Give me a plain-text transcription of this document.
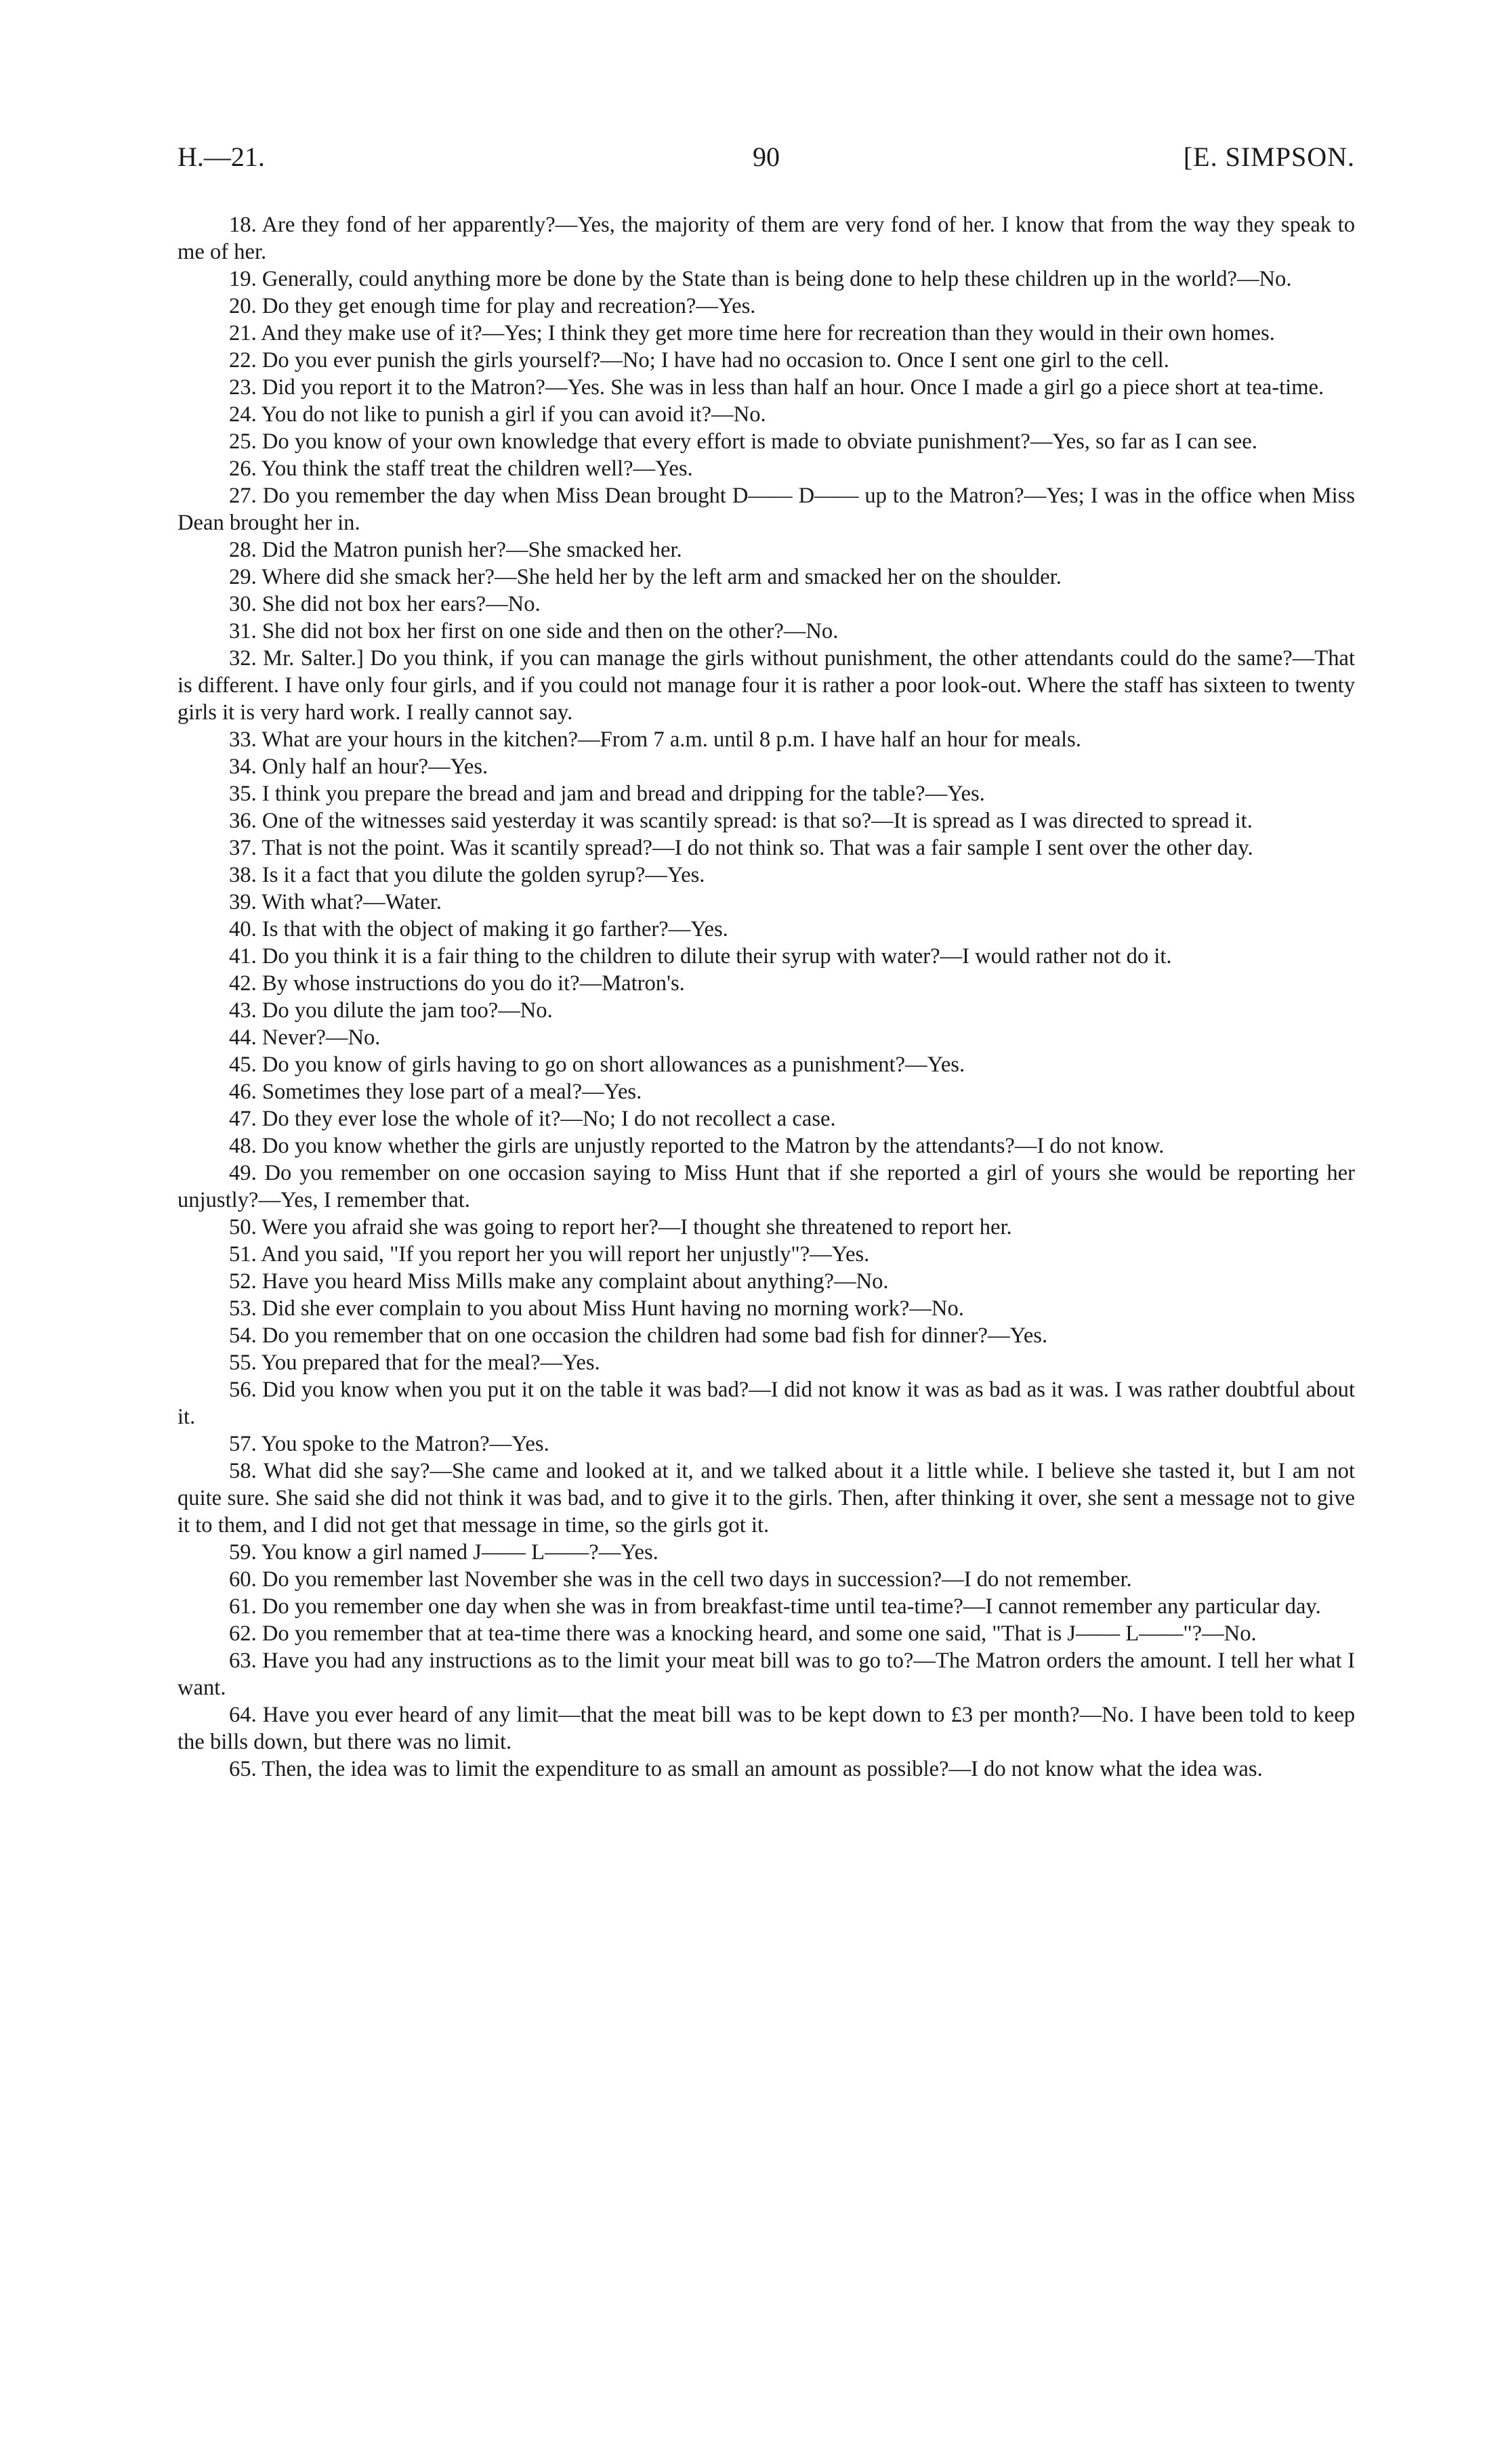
H.—21.	90	[E. SIMPSON.

18. Are they fond of her apparently?—Yes, the majority of them are very fond of her. I know that from the way they speak to me of her.

19. Generally, could anything more be done by the State than is being done to help these children up in the world?—No.

20. Do they get enough time for play and recreation?—Yes.

21. And they make use of it?—Yes; I think they get more time here for recreation than they would in their own homes.

22. Do you ever punish the girls yourself?—No; I have had no occasion to. Once I sent one girl to the cell.

23. Did you report it to the Matron?—Yes. She was in less than half an hour. Once I made a girl go a piece short at tea-time.

24. You do not like to punish a girl if you can avoid it?—No.

25. Do you know of your own knowledge that every effort is made to obviate punishment?—Yes, so far as I can see.

26. You think the staff treat the children well?—Yes.

27. Do you remember the day when Miss Dean brought D—— D—— up to the Matron?—Yes; I was in the office when Miss Dean brought her in.

28. Did the Matron punish her?—She smacked her.

29. Where did she smack her?—She held her by the left arm and smacked her on the shoulder.

30. She did not box her ears?—No.

31. She did not box her first on one side and then on the other?—No.

32. Mr. Salter.] Do you think, if you can manage the girls without punishment, the other attendants could do the same?—That is different. I have only four girls, and if you could not manage four it is rather a poor look-out. Where the staff has sixteen to twenty girls it is very hard work. I really cannot say.

33. What are your hours in the kitchen?—From 7 a.m. until 8 p.m. I have half an hour for meals.

34. Only half an hour?—Yes.

35. I think you prepare the bread and jam and bread and dripping for the table?—Yes.

36. One of the witnesses said yesterday it was scantily spread: is that so?—It is spread as I was directed to spread it.

37. That is not the point. Was it scantily spread?—I do not think so. That was a fair sample I sent over the other day.

38. Is it a fact that you dilute the golden syrup?—Yes.

39. With what?—Water.

40. Is that with the object of making it go farther?—Yes.

41. Do you think it is a fair thing to the children to dilute their syrup with water?—I would rather not do it.

42. By whose instructions do you do it?—Matron's.

43. Do you dilute the jam too?—No.

44. Never?—No.

45. Do you know of girls having to go on short allowances as a punishment?—Yes.

46. Sometimes they lose part of a meal?—Yes.

47. Do they ever lose the whole of it?—No; I do not recollect a case.

48. Do you know whether the girls are unjustly reported to the Matron by the attendants?—I do not know.

49. Do you remember on one occasion saying to Miss Hunt that if she reported a girl of yours she would be reporting her unjustly?—Yes, I remember that.

50. Were you afraid she was going to report her?—I thought she threatened to report her.

51. And you said, "If you report her you will report her unjustly"?—Yes.

52. Have you heard Miss Mills make any complaint about anything?—No.

53. Did she ever complain to you about Miss Hunt having no morning work?—No.

54. Do you remember that on one occasion the children had some bad fish for dinner?—Yes.

55. You prepared that for the meal?—Yes.

56. Did you know when you put it on the table it was bad?—I did not know it was as bad as it was. I was rather doubtful about it.

57. You spoke to the Matron?—Yes.

58. What did she say?—She came and looked at it, and we talked about it a little while. I believe she tasted it, but I am not quite sure. She said she did not think it was bad, and to give it to the girls. Then, after thinking it over, she sent a message not to give it to them, and I did not get that message in time, so the girls got it.

59. You know a girl named J—— L——?—Yes.

60. Do you remember last November she was in the cell two days in succession?—I do not remember.

61. Do you remember one day when she was in from breakfast-time until tea-time?—I cannot remember any particular day.

62. Do you remember that at tea-time there was a knocking heard, and some one said, "That is J—— L——"?—No.

63. Have you had any instructions as to the limit your meat bill was to go to?—The Matron orders the amount. I tell her what I want.

64. Have you ever heard of any limit—that the meat bill was to be kept down to £3 per month?—No. I have been told to keep the bills down, but there was no limit.

65. Then, the idea was to limit the expenditure to as small an amount as possible?—I do not know what the idea was.
